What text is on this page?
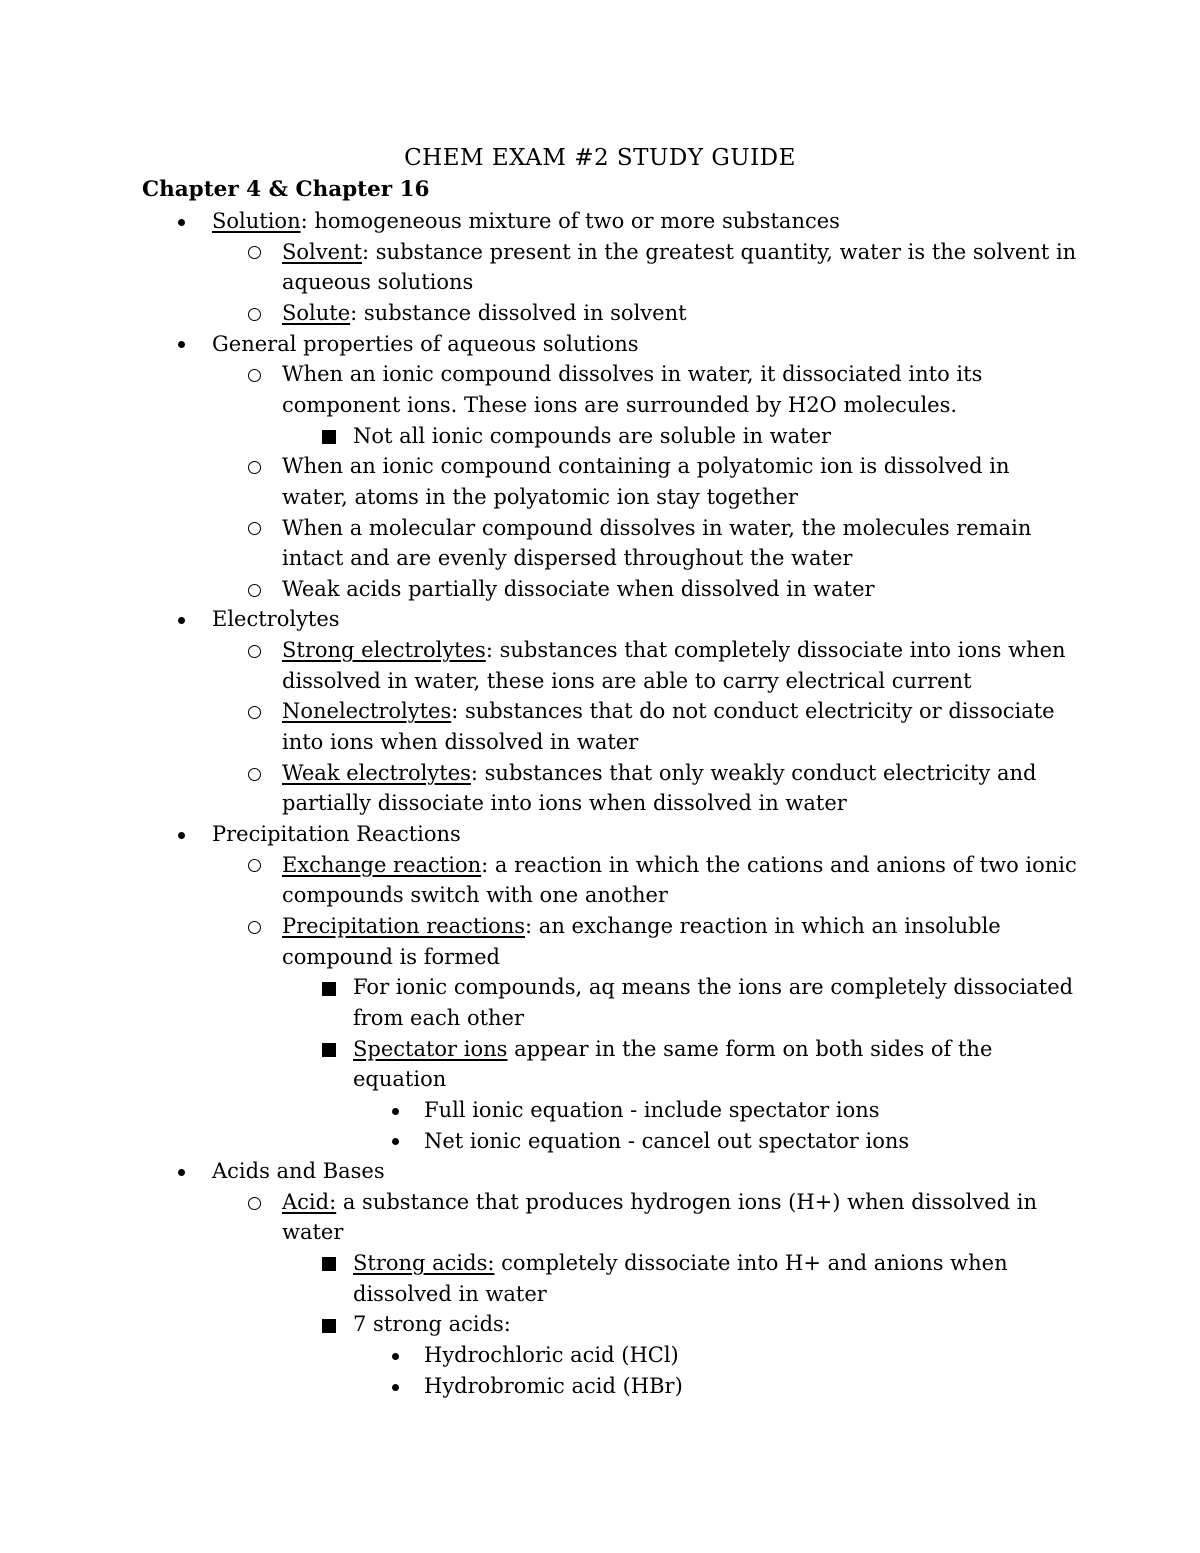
CHEM EXAM #2 STUDY GUIDE
Chapter 4 & Chapter 16
Solution: homogeneous mixture of two or more substances
Solvent: substance present in the greatest quantity, water is the solvent in
aqueous solutions
Solute: substance dissolved in solvent
General properties of aqueous solutions
When an ionic compound dissolves in water, it dissociated into its
component ions. These ions are surrounded by H2O molecules.
Not all ionic compounds are soluble in water
When an ionic compound containing a polyatomic ion is dissolved in
water, atoms in the polyatomic ion stay together
When a molecular compound dissolves in water, the molecules remain
intact and are evenly dispersed throughout the water
Weak acids partially dissociate when dissolved in water
Electrolytes
Strong electrolytes: substances that completely dissociate into ions when
dissolved in water, these ions are able to carry electrical current
Nonelectrolytes: substances that do not conduct electricity or dissociate
into ions when dissolved in water
Weak electrolytes: substances that only weakly conduct electricity and
partially dissociate into ions when dissolved in water
Precipitation Reactions
Exchange reaction: a reaction in which the cations and anions of two ionic
compounds switch with one another
Precipitation reactions: an exchange reaction in which an insoluble
compound is formed
For ionic compounds, aq means the ions are completely dissociated
from each other
Spectator ions appear in the same form on both sides of the
equation
Full ionic equation - include spectator ions
Net ionic equation - cancel out spectator ions
Acids and Bases
Acid: a substance that produces hydrogen ions (H+) when dissolved in
water
Strong acids: completely dissociate into H+ and anions when
dissolved in water
7 strong acids:
Hydrochloric acid (HCl)
Hydrobromic acid (HBr)
